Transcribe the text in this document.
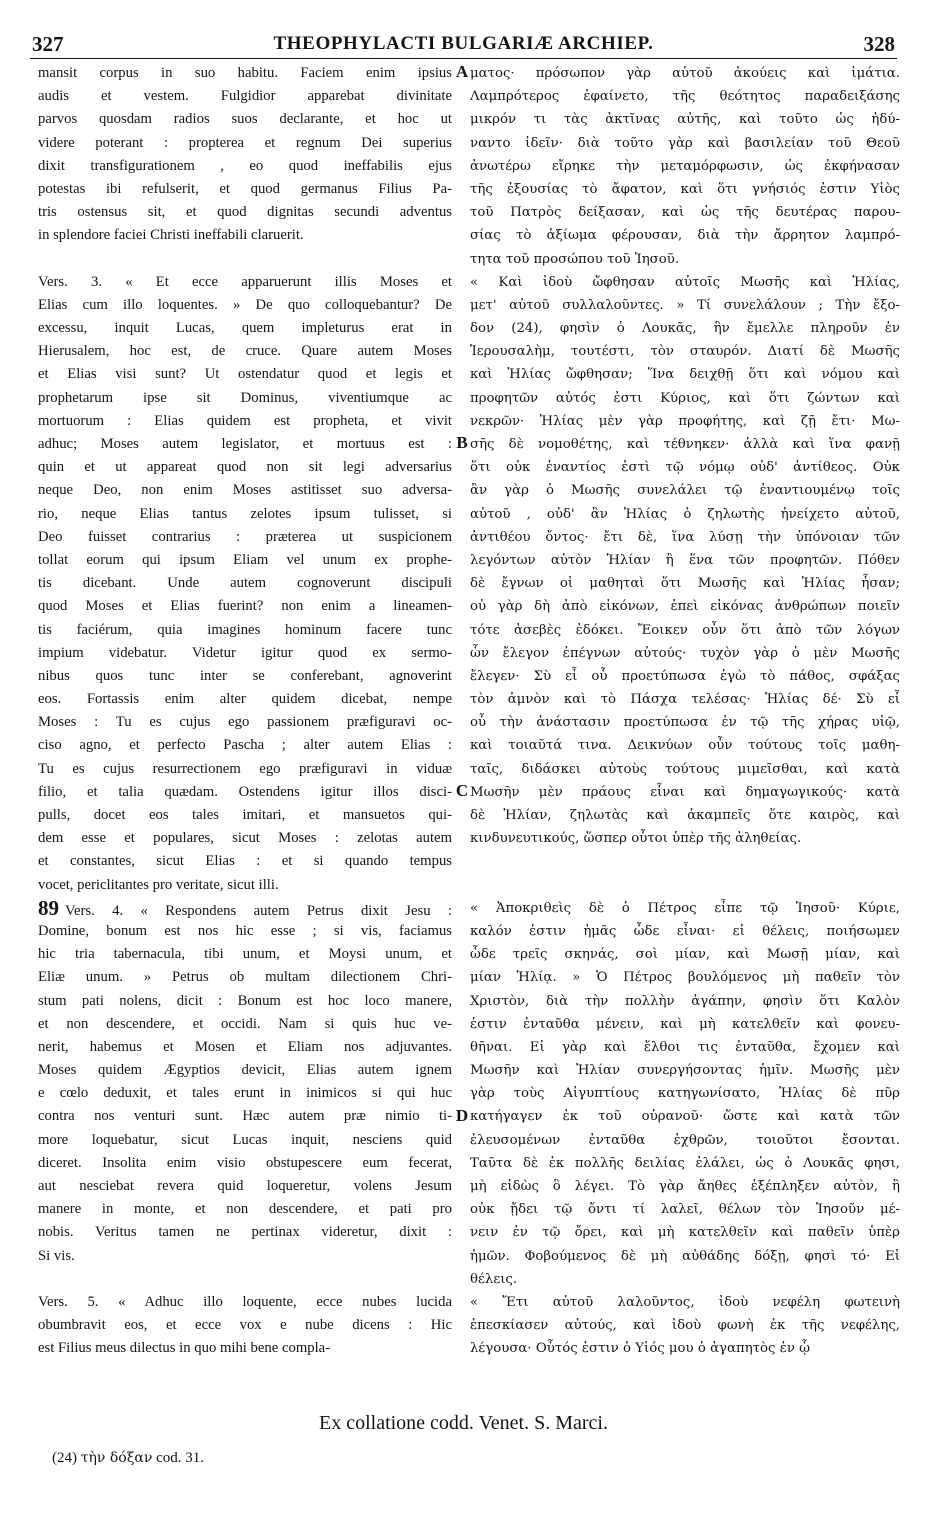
327	THEOPHYLACTI BULGARIÆ ARCHIEP.	328
mansit corpus in suo habitu. Faciem enim ipsius
audis et vestem. Fulgidior apparebat divinitate
parvos quosdam radios suos declarante, et hoc ut
videre poterant : propterea et regnum Dei superius
dixit transfigurationem , eo quod ineffabilis ejus
potestas ibi refulserit, et quod germanus Filius Pa-
tris ostensus sit, et quod dignitas secundi adventus
in splendore faciei Christi ineffabili claruerit.
Vers. 3. « Et ecce apparuerunt illis Moses et
Elias cum illo loquentes. » De quo colloquebantur? De
excessu, inquit Lucas, quem impleturus erat in
Hierusalem, hoc est, de cruce. Quare autem Moses
et Elias visi sunt? Ut ostendatur quod et legis et
prophetarum ipse sit Dominus, viventiumque ac
mortuorum : Elias quidem est propheta, et vivit
adhuc; Moses autem legislator, et mortuus est :
quin et ut appareat quod non sit legi adversarius
neque Deo, non enim Moses astitisset suo adversa-
rio, neque Elias tantus zelotes ipsum tulisset, si
Deo fuisset contrarius : præterea ut suspicionem
tollat eorum qui ipsum Eliam vel unum ex prophe-
tis dicebant. Unde autem cognoverunt discipuli
quod Moses et Elias fuerint? non enim a lineamen-
tis faciérum, quia imagines hominum facere tunc
impium videbatur. Videtur igitur quod ex sermo-
nibus quos tunc inter se conferebant, agnoverint
eos. Fortassis enim alter quidem dicebat, nempe
Moses : Tu es cujus ego passionem præfiguravi oc-
ciso agno, et perfecto Pascha ; alter autem Elias :
Tu es cujus resurrectionem ego præfiguravi in viduæ
filio, et talia quædam. Ostendens igitur illos disci-
pulls, docet eos tales imitari, et mansuetos qui-
dem esse et populares, sicut Moses : zelotas autem
et constantes, sicut Elias : et si quando tempus
vocet, periclitantes pro veritate, sicut illi.
89 Vers. 4. « Respondens autem Petrus dixit Jesu :
Domine, bonum est nos hic esse ; si vis, faciamus
hic tria tabernacula, tibi unum, et Moysi unum, et
Eliæ unum. » Petrus ob multam dilectionem Chri-
stum pati nolens, dicit : Bonum est hoc loco manere,
et non descendere, et occidi. Nam si quis huc ve-
nerit, habemus et Mosen et Eliam nos adjuvantes.
Moses quidem Ægyptios devicit, Elias autem ignem
e cœlo deduxit, et tales erunt in inimicos si qui huc
contra nos venturi sunt. Hæc autem præ nimio ti-
more loquebatur, sicut Lucas inquit, nesciens quid
diceret. Insolita enim visio obstupescere eum fecerat,
aut nesciebat revera quid loqueretur, volens Jesum
manere in monte, et non descendere, et pati pro
nobis. Veritus tamen ne pertinax videretur, dixit :
Si vis.
Vers. 5. « Adhuc illo loquente, ecce nubes lucida
obumbravit eos, et ecce vox e nube dicens : Hic
est Filius meus dilectus in quo mihi bene compla-
ματος· πρόσωπον γὰρ αὐτοῦ ἀκούεις καὶ ἱμάτια.
Λαμπρότερος ἐφαίνετο, τῆς θεότητος παραδειξάσης
μικρόν τι τὰς ἀκτῖνας αὐτῆς, καὶ τοῦτο ὡς ἠδύ-
ναντο ἰδεῖν· διὰ τοῦτο γὰρ καὶ βασιλείαν τοῦ Θεοῦ
ἀνωτέρω εἴρηκε τὴν μεταμόρφωσιν, ὡς ἐκφήνασαν
τῆς ἐξουσίας τὸ ἄφατον, καὶ ὅτι γνήσιός ἐστιν Υἱὸς
τοῦ Πατρὸς δείξασαν, καὶ ὡς τῆς δευτέρας παρου-
σίας τὸ ἀξίωμα φέρουσαν, διὰ τὴν ἄρρητον λαμπρό-
τητα τοῦ προσώπου τοῦ Ἰησοῦ.
« Καὶ ἰδοὺ ὤφθησαν αὐτοῖς Μωσῆς καὶ Ἠλίας,
μετ' αὐτοῦ συλλαλοῦντες. » Τί συνελάλουν ; Τὴν ἔξο-
δον (24), φησὶν ὁ Λουκᾶς, ἣν ἔμελλε πληροῦν ἐν
Ἱερουσαλὴμ, τουτέστι, τὸν σταυρόν. Διατί δὲ Μωσῆς
καὶ Ἠλίας ὤφθησαν; Ἵνα δειχθῇ ὅτι καὶ νόμου καὶ
προφητῶν αὐτός ἐστι Κύριος, καὶ ὅτι ζώντων καὶ
νεκρῶν· Ἠλίας μὲν γὰρ προφήτης, καὶ ζῇ ἔτι· Μω-
σῆς δὲ νομοθέτης, καὶ τέθνηκεν· ἀλλὰ καὶ ἵνα φανῇ
ὅτι οὐκ ἐναντίος ἐστὶ τῷ νόμῳ οὐδ' ἀντίθεος. Οὐκ
ἂν γὰρ ὁ Μωσῆς συνελάλει τῷ ἐναντιουμένῳ τοῖς
αὐτοῦ , οὐδ' ἂν Ἠλίας ὁ ζηλωτὴς ἠνείχετο αὐτοῦ,
ἀντιθέου ὄντος· ἔτι δὲ, ἵνα λύσῃ τὴν ὑπόνοιαν τῶν
λεγόντων αὐτὸν Ἠλίαν ἢ ἕνα τῶν προφητῶν. Πόθεν
δὲ ἔγνων οἱ μαθηταὶ ὅτι Μωσῆς καὶ Ἠλίας ἦσαν;
οὐ γὰρ δὴ ἀπὸ εἰκόνων, ἐπεὶ εἰκόνας ἀνθρώπων ποιεῖν
τότε ἀσεβὲς ἐδόκει. Ἔοικεν οὖν ὅτι ἀπὸ τῶν λόγων
ὧν ἔλεγον ἐπέγνων αὐτούς· τυχὸν γὰρ ὁ μὲν Μωσῆς
ἔλεγεν· Σὺ εἶ οὗ προετύπωσα ἐγὼ τὸ πάθος, σφάξας
τὸν ἀμνὸν καὶ τὸ Πάσχα τελέσας· Ἠλίας δέ· Σὺ εἶ
οὗ τὴν ἀνάστασιν προετύπωσα ἐν τῷ τῆς χήρας υἱῷ,
καὶ τοιαῦτά τινα. Δεικνύων οὖν τούτους τοῖς μαθη-
ταῖς, διδάσκει αὐτοὺς τούτους μιμεῖσθαι, καὶ κατὰ
Μωσῆν μὲν πράους εἶναι καὶ δημαγωγικούς· κατὰ
δὲ Ἠλίαν, ζηλωτὰς καὶ ἀκαμπεῖς ὅτε καιρὸς, καὶ
κινδυνευτικούς, ὥσπερ οὗτοι ὑπὲρ τῆς ἀληθείας.
« Ἀποκριθεὶς δὲ ὁ Πέτρος εἶπε τῷ Ἰησοῦ· Κύριε,
καλόν ἐστιν ἡμᾶς ὧδε εἶναι· εἰ θέλεις, ποιήσωμεν
ὧδε τρεῖς σκηνάς, σοὶ μίαν, καὶ Μωσῇ μίαν, καὶ
μίαν Ἠλίᾳ. » Ὁ Πέτρος βουλόμενος μὴ παθεῖν τὸν
Χριστὸν, διὰ τὴν πολλὴν ἀγάπην, φησὶν ὅτι Καλὸν
ἐστιν ἐνταῦθα μένειν, καὶ μὴ κατελθεῖν καὶ φονευ-
θῆναι. Εἰ γὰρ καὶ ἔλθοι τις ἐνταῦθα, ἔχομεν καὶ
Μωσῆν καὶ Ἠλίαν συνεργήσοντας ἡμῖν. Μωσῆς μὲν
γὰρ τοὺς Αἰγυπτίους κατηγωνίσατο, Ἠλίας δὲ πῦρ
κατήγαγεν ἐκ τοῦ οὐρανοῦ· ὥστε καὶ κατὰ τῶν
ἐλευσομένων ἐνταῦθα ἐχθρῶν, τοιοῦτοι ἔσονται.
Ταῦτα δὲ ἐκ πολλῆς δειλίας ἐλάλει, ὡς ὁ Λουκᾶς φησι,
μὴ εἰδὼς ὃ λέγει. Τὸ γὰρ ἄηθες ἐξέπληξεν αὐτὸν, ἢ
οὐκ ᾔδει τῷ ὄντι τί λαλεῖ, θέλων τὸν Ἰησοῦν μέ-
νειν ἐν τῷ ὄρει, καὶ μὴ κατελθεῖν καὶ παθεῖν ὑπὲρ
ἡμῶν. Φοβούμενος δὲ μὴ αὐθάδης δόξῃ, φησὶ τό· Εἰ
θέλεις.
« Ἔτι αὐτοῦ λαλοῦντος, ἰδοὺ νεφέλη φωτεινὴ
ἐπεσκίασεν αὐτούς, καὶ ἰδοὺ φωνὴ ἐκ τῆς νεφέλης,
λέγουσα· Οὗτός ἐστιν ὁ Υἱός μου ὁ ἀγαπητὸς ἐν ᾧ
A
B
C
D
Ex collatione codd. Venet. S. Marci.
(24) τὴν δόξαν cod. 31.
